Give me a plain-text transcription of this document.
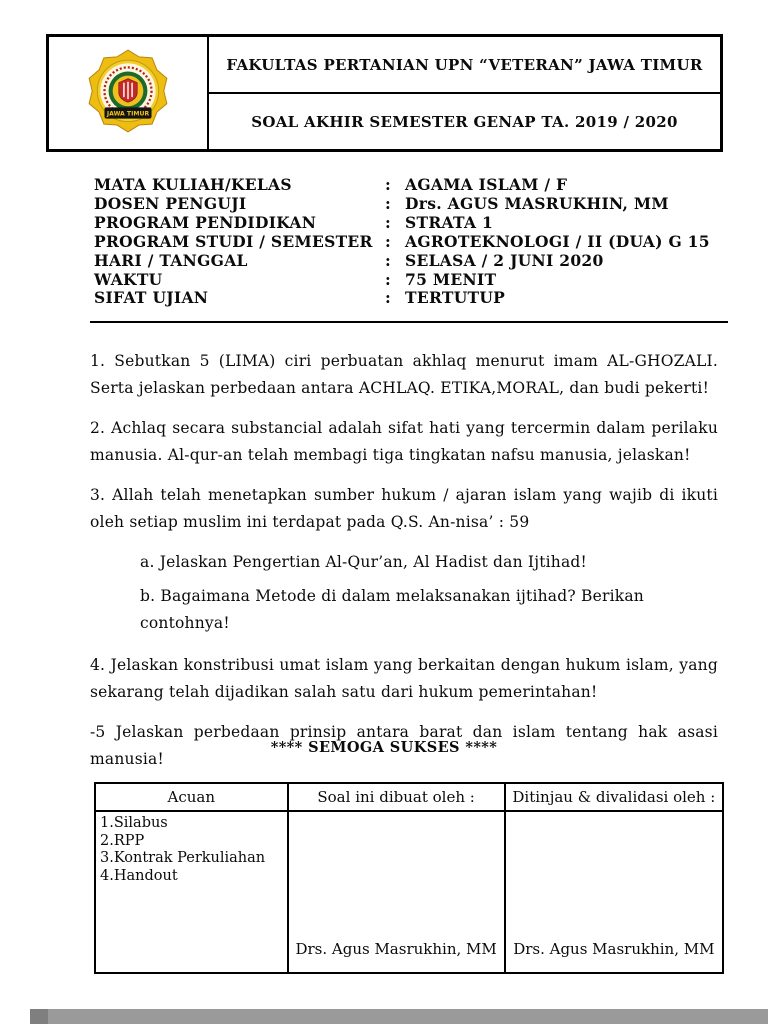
JAWA TIMUR
FAKULTAS PERTANIAN UPN “VETERAN” JAWA TIMUR
SOAL AKHIR SEMESTER GENAP TA. 2019 / 2020
MATA KULIAH/KELAS	: AGAMA ISLAM / F
DOSEN PENGUJI	: Drs. AGUS MASRUKHIN, MM
PROGRAM PENDIDIKAN	: STRATA 1
PROGRAM STUDI / SEMESTER : AGROTEKNOLOGI / II (DUA) G 15
HARI / TANGGAL	: SELASA / 2 JUNI 2020
WAKTU	: 75 MENIT
SIFAT UJIAN	: TERTUTUP
1. Sebutkan 5 (LIMA) ciri perbuatan akhlaq menurut imam AL-GHOZALI. Serta jelaskan perbedaan antara ACHLAQ. ETIKA,MORAL, dan budi pekerti!
2. Achlaq secara substancial adalah sifat hati yang tercermin dalam perilaku manusia. Al-qur-an telah membagi tiga tingkatan nafsu manusia, jelaskan!
3. Allah telah menetapkan sumber hukum / ajaran islam yang wajib di ikuti oleh setiap muslim ini terdapat pada Q.S. An-nisa’ : 59
a. Jelaskan Pengertian Al-Qur’an, Al Hadist dan Ijtihad!
b. Bagaimana Metode di dalam melaksanakan ijtihad? Berikan contohnya!
4. Jelaskan konstribusi umat islam yang berkaitan dengan hukum islam, yang sekarang telah dijadikan salah satu dari hukum pemerintahan!
-5 Jelaskan perbedaan prinsip antara barat dan islam tentang hak asasi manusia!
**** SEMOGA SUKSES ****
Acuan	Soal ini dibuat oleh :	Ditinjau & divalidasi oleh :

1.Silabus
2.RPP
3.Kontrak Perkuliahan
4.Handout	Drs. Agus Masrukhin, MM	Drs. Agus Masrukhin, MM
